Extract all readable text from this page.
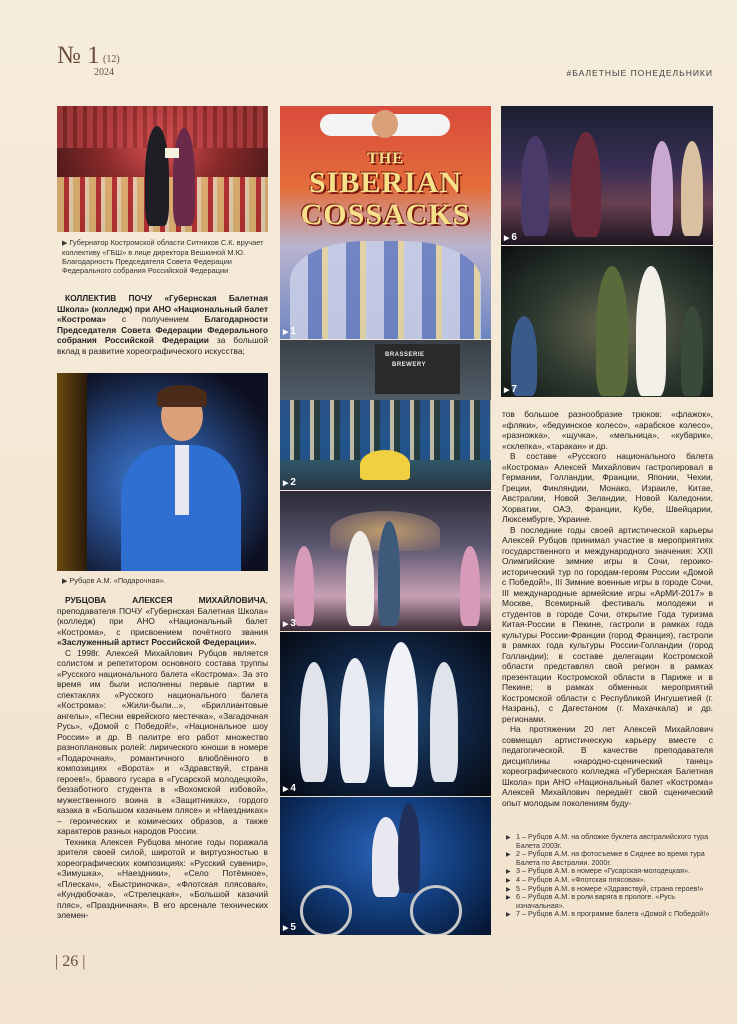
№ 1 (12)
2024	#БАЛЕТНЫЕ ПОНЕДЕЛЬНИКИ
▶ Губернатор Костромской области Ситников С.К. вручает коллективу «ГБШ» в лице директора Вешкиной М.Ю. Благодарность Председателя Совета Федерации Федерального собрания Российской Федерации

КОЛЛЕКТИВ ПОЧУ «Губернская Балетная Школа» (колледж) при АНО «Национальный балет «Кострома» с получением Благодарности Председателя Совета Федерации Федерального собрания Российской Федерации за большой вклад в развитие хореографического искусства;

▶ Рубцов А.М. «Подарочная».

РУБЦОВА АЛЕКСЕЯ МИХАЙЛОВИЧА, преподавателя ПОЧУ «Губернская Балетная Школа» (колледж) при АНО «Национальный балет «Кострома», с присвоением почётного звания «Заслуженный артист Российской Федерации».

С 1998г. Алексей Михайлович Рубцов является солистом и репетитором основного состава труппы «Русского национального балета «Кострома». За это время им были исполнены первые партии в спектаклях «Русского национального балета «Кострома»: «Жили-были...», «Бриллиантовые ангелы», «Песни еврейского местечка», «Загадочная Русь», «Домой с Победой!», «Национальное шоу России» и др. В палитре его работ множество разноплановых ролей: лирического юноши в номере «Подарочная», романтичного влюблённого в композициях «Ворота» и «Здравствуй, страна героев!», бравого гусара в «Гусарской молодецкой», беззаботного студента в «Вохомской избовой», мужественного воина в «Защитниках», гордого казака в «Большом казачьем плясе» и «Наездниках» – героических и комических образов, а также характеров разных народов России.

Техника Алексея Рубцова многие годы поражала зрителя своей силой, широтой и виртуозностью в хореографических композициях: «Русский сувенир», «Зимушка», «Наездники», «Село Потёмное», «Плескач», «Быстриночка», «Флотская плясовая», «Кундюбочка», «Стрелецкая», «Большой казачий пляс», «Праздничная». В его арсенале технических элемен-

THE
SIBERIAN
COSSACKS
▶ 1
BRASSERIE
BREWERY
▶ 2
▶ 3
▶ 4
▶ 5
▶ 6
▶ 7

тов большое разнообразие трюков: «флажок», «фляки», «бедуинское колесо», «арабское колесо», «разножка», «щучка», «мельница», «кубарик», «склепка», «таракан» и др.

В составе «Русского национального балета «Кострома» Алексей Михайлович гастролировал в Германии, Голландии, Франции, Японии, Чехии, Греции, Финляндии, Монако, Израиле, Китае, Австралии, Новой Зеландии, Новой Каледонии, Хорватии, ОАЭ, Франции, Кубе, Швейцарии, Люксембурге, Украине.

В последние годы своей артистической карьеры Алексей Рубцов принимал участие в мероприятиях государственного и международного значения: XXII Олимпийские зимние игры в Сочи, героико-исторический тур по городам-героям России «Домой с Победой!», III Зимние военные игры в городе Сочи, III международные армейские игры «АрМИ-2017» в Москве, Всемирный фестиваль молодежи и студентов в городе Сочи, открытие Года туризма Китая-России в Пекине, гастроли в рамках года культуры России-Франции (город Франция), гастроли в рамках года культуры России-Голландии (город Голландии); в составе делегации Костромской области представлял свой регион в рамках презентации Костромской области в Париже и в Пекине; в рамках обменных мероприятий Костромской области с Республикой Ингушетией (г. Назрань), с Дагестаном (г. Махачкала) и др. регионами.

На протяжении 20 лет Алексей Михайлович совмещал артистическую карьеру вместе с педагогической. В качестве преподавателя дисциплины «народно-сценический танец» хореографического колледжа «Губернская Балетная Школа» при АНО «Национальный балет «Кострома» Алексей Михайлович передаёт свой сценический опыт молодым поколениям буду-

▶ 1 – Рубцов А.М. на обложке буклета австралийского тура Балета 2003г.
▶ 2 – Рубцов А.М. на фотосъемке в Сиднее во время тура Балета по Австралии. 2000г.
▶ 3 – Рубцов А.М. в номере «Гусарская-молодецкая».
▶ 4 – Рубцов А.М. «Флотская плясовая».
▶ 5 – Рубцов А.М. в номере «Здравствуй, страна героев!»
▶ 6 – Рубцов А.М. в роли варяга в прологе. «Русь изначальная».
▶ 7 – Рубцов А.М. в программе балета «Домой с Победой!»
| 26 |
